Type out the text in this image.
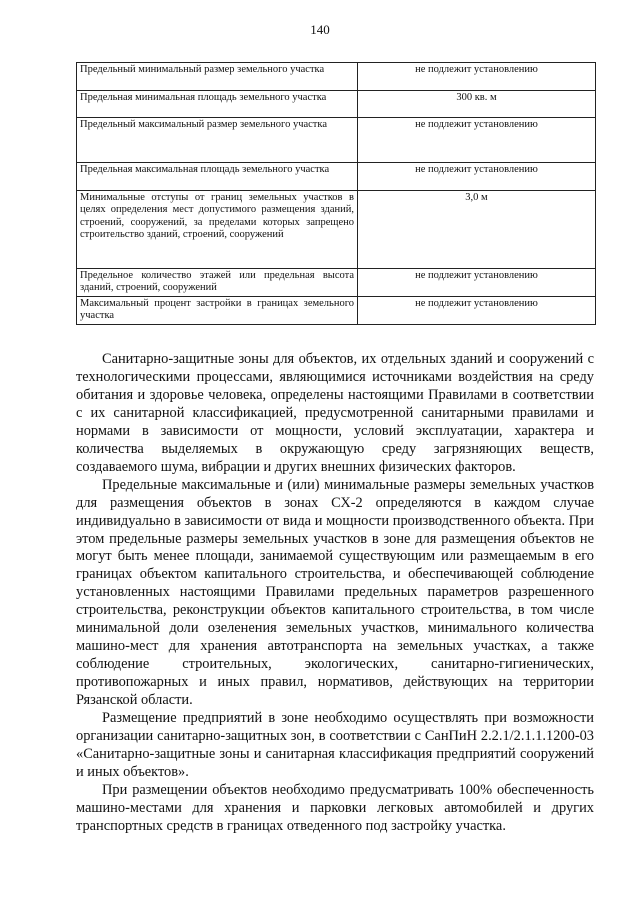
140
Предельный минимальный размер земельного участка	не подлежит установлению
Предельная минимальная площадь земельного участка	300 кв. м
Предельный максимальный размер земельного участка	не подлежит установлению
Предельная максимальная площадь земельного участка	не подлежит установлению
Минимальные отступы от границ земельных участков в целях определения мест допустимого размещения зданий, строений, сооружений, за пределами которых запрещено строительство зданий, строений, сооружений	3,0 м
Предельное количество этажей или предельная высота зданий, строений, сооружений	не подлежит установлению
Максимальный процент застройки в границах земельного участка	не подлежит установлению

Санитарно-защитные зоны для объектов, их отдельных зданий и сооружений с технологическими процессами, являющимися источниками воздействия на среду обитания и здоровье человека, определены настоящими Правилами в соответствии с их санитарной классификацией, предусмотренной санитарными правилами и нормами в зависимости от мощности, условий эксплуатации, характера и количества выделяемых в окружающую среду загрязняющих веществ, создаваемого шума, вибрации и других внешних физических факторов.

Предельные максимальные и (или) минимальные размеры земельных участков для размещения объектов в зонах СХ-2 определяются в каждом случае индивидуально в зависимости от вида и мощности производственного объекта. При этом предельные размеры земельных участков в зоне для размещения объектов не могут быть менее площади, занимаемой существующим или размещаемым в его границах объектом капитального строительства, и обеспечивающей соблюдение установленных настоящими Правилами предельных параметров разрешенного строительства, реконструкции объектов капитального строительства, в том числе минимальной доли озеленения земельных участков, минимального количества машино-мест для хранения автотранспорта на земельных участках, а также соблюдение строительных, экологических, санитарно-гигиенических, противопожарных и иных правил, нормативов, действующих на территории Рязанской области.

Размещение предприятий в зоне необходимо осуществлять при возможности организации санитарно-защитных зон, в соответствии с СанПиН 2.2.1/2.1.1.1200-03 «Санитарно-защитные зоны и санитарная классификация предприятий сооружений и иных объектов».

При размещении объектов необходимо предусматривать 100% обеспеченность машино-местами для хранения и парковки легковых автомобилей и других транспортных средств в границах отведенного под застройку участка.
